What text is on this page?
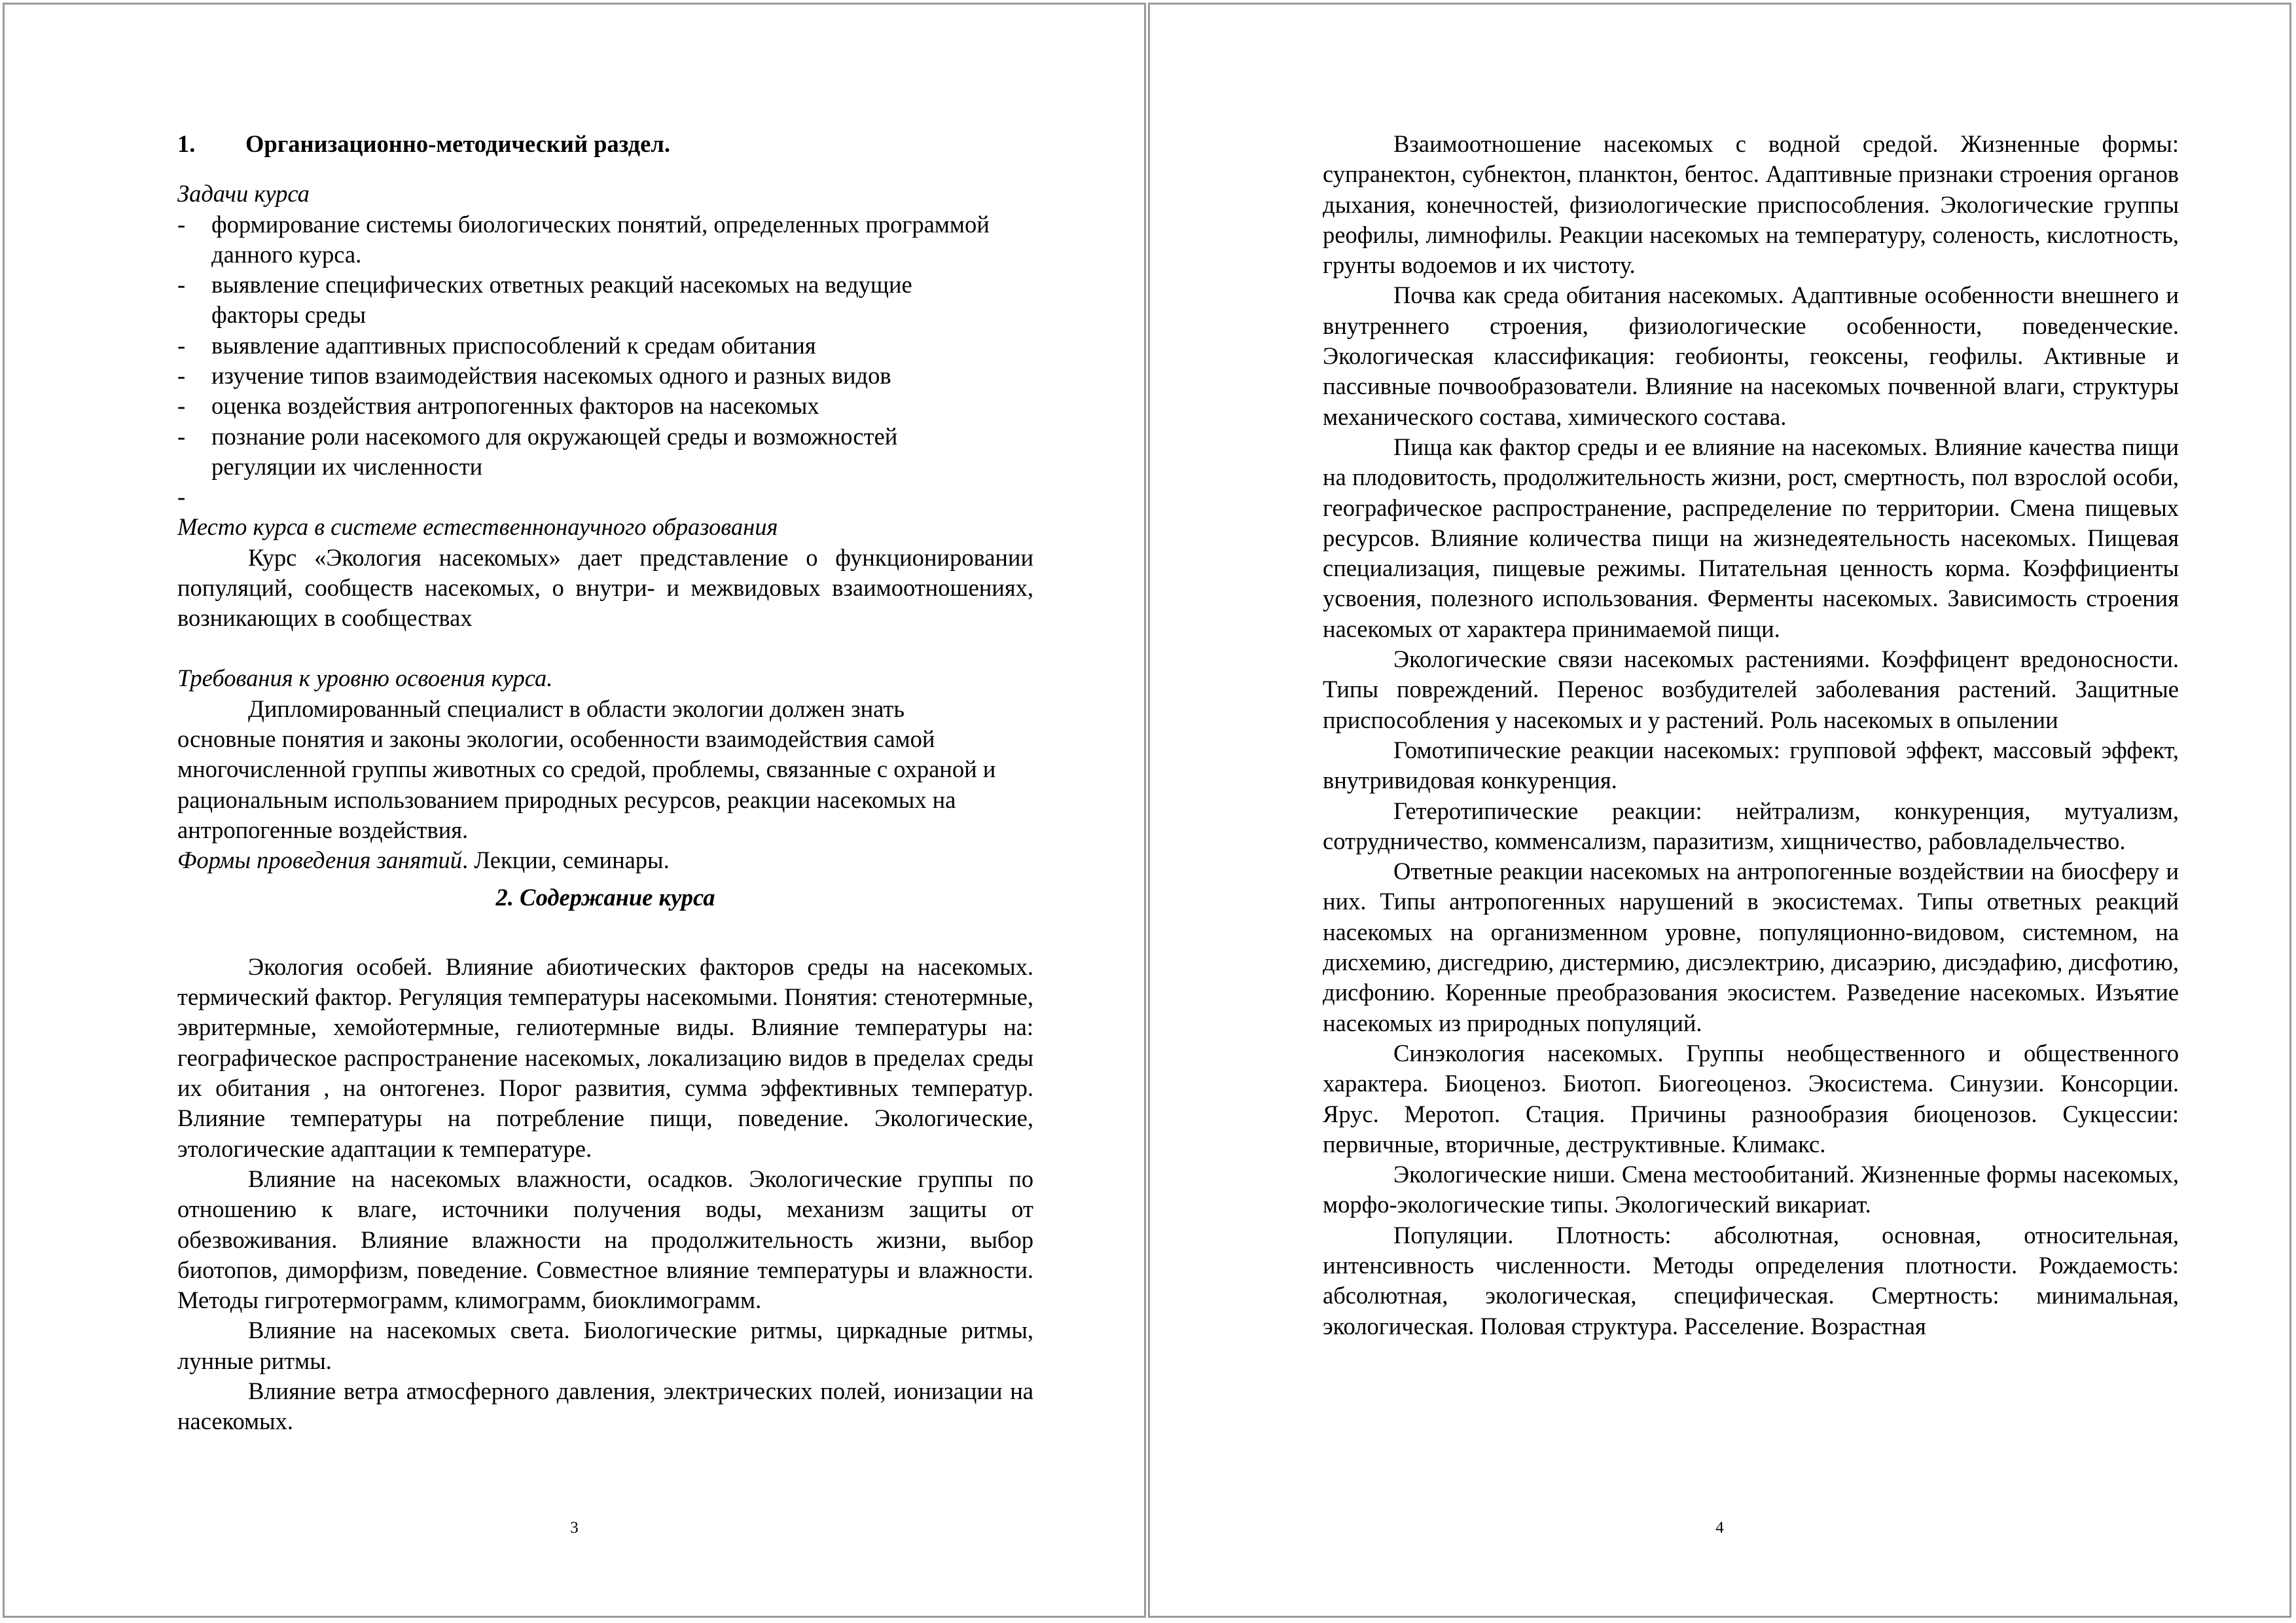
1. Организационно-методический раздел.

Задачи курса

- формирование системы биологических понятий, определенных программой данного курса.
- выявление специфических ответных реакций насекомых на ведущие факторы среды
- выявление адаптивных приспособлений к средам обитания
- изучение типов взаимодействия насекомых одного и разных видов
- оценка воздействия антропогенных факторов на насекомых
- познание роли насекомого для окружающей среды и возможностей регуляции их численности

-

Место курса в системе естественнонаучного образования

Курс «Экология насекомых» дает представление о функционировании популяций, сообществ насекомых, о внутри- и межвидовых взаимоотношениях, возникающих в сообществах

Требования к уровню освоения курса.

Дипломированный специалист в области экологии должен знать основные понятия и законы экологии, особенности взаимодействия самой многочисленной группы животных со средой, проблемы, связанные с охраной и рациональным использованием природных ресурсов, реакции насекомых на антропогенные воздействия.

Формы проведения занятий. Лекции, семинары.

2. Содержание курса

Экология особей. Влияние абиотических факторов среды на насекомых. термический фактор. Регуляция температуры насекомыми. Понятия: стенотермные, эвритермные, хемойотермные, гелиотермные виды. Влияние температуры на: географическое распространение насекомых, локализацию видов в пределах среды их обитания , на онтогенез. Порог развития, сумма эффективных температур. Влияние температуры на потребление пищи, поведение. Экологические, этологические адаптации к температуре.

Влияние на насекомых влажности, осадков. Экологические группы по отношению к влаге, источники получения воды, механизм защиты от обезвоживания. Влияние влажности на продолжительность жизни, выбор биотопов, диморфизм, поведение. Совместное влияние температуры и влажности. Методы гигротермограмм, климограмм, биоклимограмм.

Влияние на насекомых света. Биологические ритмы, циркадные ритмы, лунные ритмы.

Влияние ветра атмосферного давления, электрических полей, ионизации на насекомых.

3

Взаимоотношение насекомых с водной средой. Жизненные формы: супранектон, субнектон, планктон, бентос. Адаптивные признаки строения органов дыхания, конечностей, физиологические приспособления. Экологические группы реофилы, лимнофилы. Реакции насекомых на температуру, соленость, кислотность, грунты водоемов и их чистоту.

Почва как среда обитания насекомых. Адаптивные особенности внешнего и внутреннего строения, физиологические особенности, поведенческие. Экологическая классификация: геобионты, геоксены, геофилы. Активные и пассивные почвообразователи. Влияние на насекомых почвенной влаги, структуры механического состава, химического состава.

Пища как фактор среды и ее влияние на насекомых. Влияние качества пищи на плодовитость, продолжительность жизни, рост, смертность, пол взрослой особи, географическое распространение, распределение по территории. Смена пищевых ресурсов. Влияние количества пищи на жизнедеятельность насекомых. Пищевая специализация, пищевые режимы. Питательная ценность корма. Коэффициенты усвоения, полезного использования. Ферменты насекомых. Зависимость строения насекомых от характера принимаемой пищи.

Экологические связи насекомых растениями. Коэффицент вредоносности. Типы повреждений. Перенос возбудителей заболевания растений. Защитные приспособления у насекомых и у растений. Роль насекомых в опылении

Гомотипические реакции насекомых: групповой эффект, массовый эффект, внутривидовая конкуренция.

Гетеротипические реакции: нейтрализм, конкуренция, мутуализм, сотрудничество, комменсализм, паразитизм, хищничество, рабовладельчество.

Ответные реакции насекомых на антропогенные воздействии на биосферу и них. Типы антропогенных нарушений в экосистемах. Типы ответных реакций насекомых на организменном уровне, популяционно-видовом, системном, на дисхемию, дисгедрию, дистермию, дисэлектрию, дисаэрию, дисэдафию, дисфотию, дисфонию. Коренные преобразования экосистем. Разведение насекомых. Изъятие насекомых из природных популяций.

Синэкология насекомых. Группы необщественного и общественного характера. Биоценоз. Биотоп. Биогеоценоз. Экосистема. Синузии. Консорции. Ярус. Меротоп. Стация. Причины разнообразия биоценозов. Сукцессии: первичные, вторичные, деструктивные. Климакс.

Экологические ниши. Смена местообитаний. Жизненные формы насекомых, морфо-экологические типы. Экологический викариат.

Популяции. Плотность: абсолютная, основная, относительная, интенсивность численности. Методы определения плотности. Рождаемость: абсолютная, экологическая, специфическая. Смертность: минимальная, экологическая. Половая структура. Расселение. Возрастная

4
